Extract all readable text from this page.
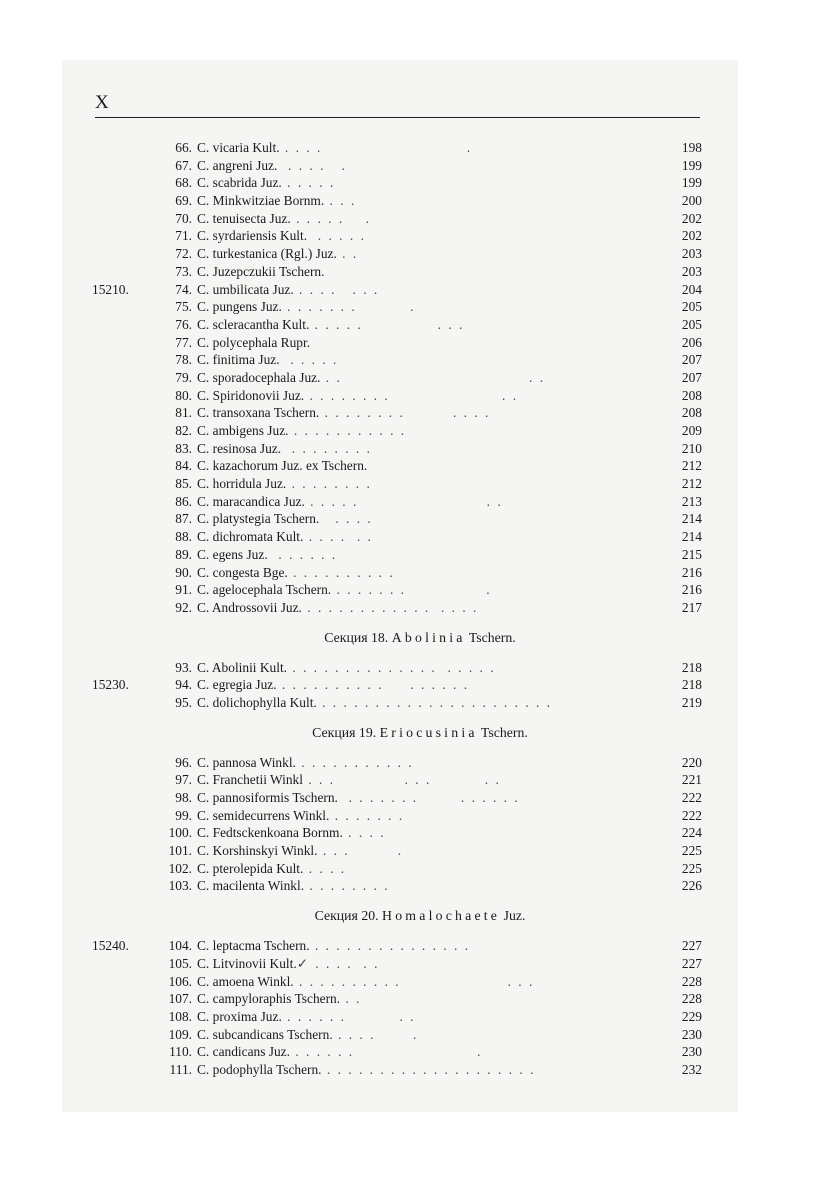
X
66. C. vicaria Kult. . . . .                           .	198
67. C. angreni Juz.  . . . .   .	199
68. C. scabrida Juz. . . . . .	199
69. C. Minkwitziae Bornm. . . .	200
70. C. tenuisecta Juz. . . . . .    .	202
71. C. syrdariensis Kult.  . . . . .	202
72. C. turkestanica (Rgl.) Juz. . .	203
73. C. Juzepczukii Tschern.	203
15210.	74. C. umbilicata Juz. . . . .   . . .	204
75. C. pungens Juz. . . . . . . .          .	205
76. C. scleracantha Kult. . . . . .              . . .	205
77. C. polycephala Rupr.	206
78. C. finitima Juz.  . . . . .	207
79. C. sporadocephala Juz. . .                                   . .	207
80. C. Spiridonovii Juz. . . . . . . . .                     . .	208
81. C. transoxana Tschern. . . . . . . . .         . . . .	208
82. C. ambigens Juz. . . . . . . . . . . .	209
83. C. resinosa Juz.  . . . . . . . .	210
84. C. kazachorum Juz. ex Tschern.	212
85. C. horridula Juz. . . . . . . . .	212
86. C. maracandica Juz. . . . . .                        . .	213
87. C. platystegia Tschern.   . . . .	214
88. C. dichromata Kult. . . . .  . .	214
89. C. egens Juz.  . . . . . .	215
90. C. congesta Bge. . . . . . . . . . .	216
91. C. agelocephala Tschern. . . . . . . .               .	216
92. C. Androssovii Juz. . . . . . . . . . . . .  . . . .	217
Секция 18. Abolinia Tschern.
93. C. Abolinii Kult. . . . . . . . . . . . . . .  . . . . .	218
15230.	94. C. egregia Juz. . . . . . . . . . .     . . . . . .	218
95. C. dolichophylla Kult. . . . . . . . . . . . . . . . . . . . . . .	219
Секция 19. Eriocusinia Tschern.
96. C. pannosa Winkl. . . . . . . . . . . .	220
97. C. Franchetii Winkl . . .             . . .          . .	221
98. C. pannosiformis Tschern.  . . . . . . .        . . . . . .	222
99. C. semidecurrens Winkl. . . . . . . .	222
100. C. Fedtsckenkoana Bornm. . . . .	224
101. C. Korshinskyi Winkl. . . .         .	225
102. C. pterolepida Kult. . . . .	225
103. C. macilenta Winkl. . . . . . . . .	226
Секция 20. Homalochaete Juz.
15240.	104. C. leptacma Tschern. . . . . . . . . . . . . . . .	227
105. C. Litvinovii Kult.✓ . . . .  . .	227
106. C. amoena Winkl. . . . . . . . . . .                    . . .	228
107. C. campyloraphis Tschern. . .	228
108. C. proxima Juz. . . . . . .          . .	229
109. C. subcandicans Tschern. . . . .       .	230
110. C. candicans Juz. . . . . . .                       .	230
111. C. podophylla Tschern. . . . . . . . . . . . . . . . . . . . .	232
